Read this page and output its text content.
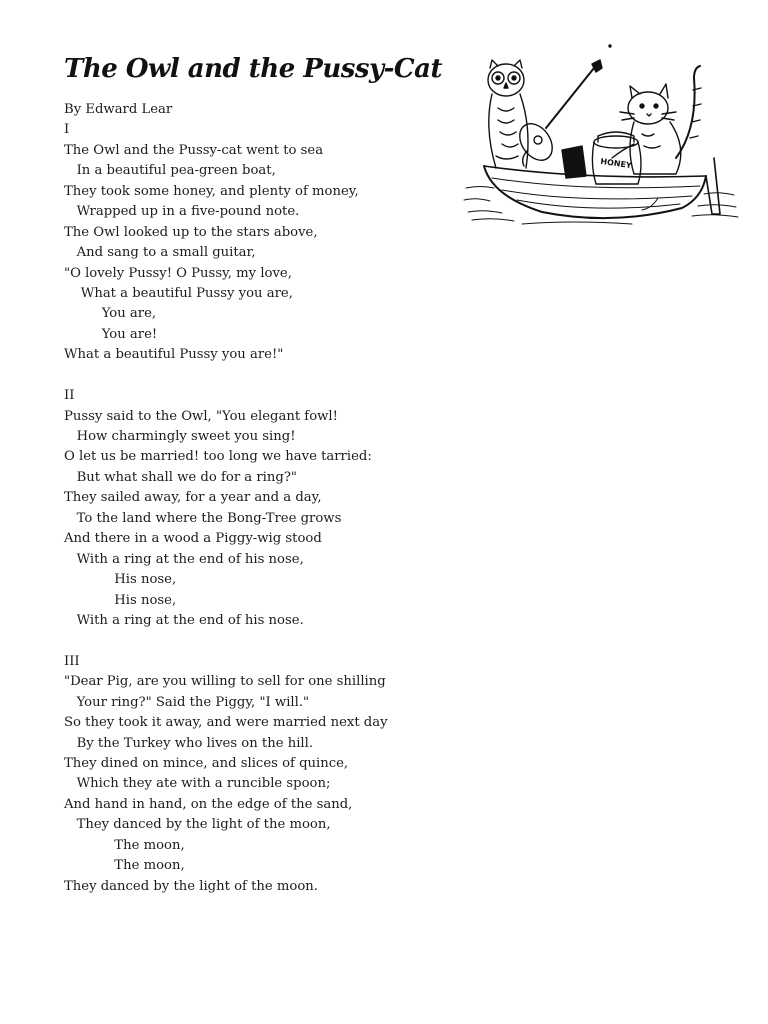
The Owl and the Pussy-Cat
By Edward Lear
I
The Owl and the Pussy-cat went to sea
In a beautiful pea-green boat,
They took some honey, and plenty of money,
Wrapped up in a five-pound note.
The Owl looked up to the stars above,
And sang to a small guitar,
"O lovely Pussy! O Pussy, my love,
What a beautiful Pussy you are,
You are,
You are!
What a beautiful Pussy you are!"
II
Pussy said to the Owl, "You elegant fowl!
How charmingly sweet you sing!
O let us be married! too long we have tarried:
But what shall we do for a ring?"
They sailed away, for a year and a day,
To the land where the Bong-Tree grows
And there in a wood a Piggy-wig stood
With a ring at the end of his nose,
His nose,
His nose,
With a ring at the end of his nose.
III
"Dear Pig, are you willing to sell for one shilling
Your ring?" Said the Piggy, "I will."
So they took it away, and were married next day
By the Turkey who lives on the hill.
They dined on mince, and slices of quince,
Which they ate with a runcible spoon;
And hand in hand, on the edge of the sand,
They danced by the light of the moon,
The moon,
The moon,
They danced by the light of the moon.
HONEY
